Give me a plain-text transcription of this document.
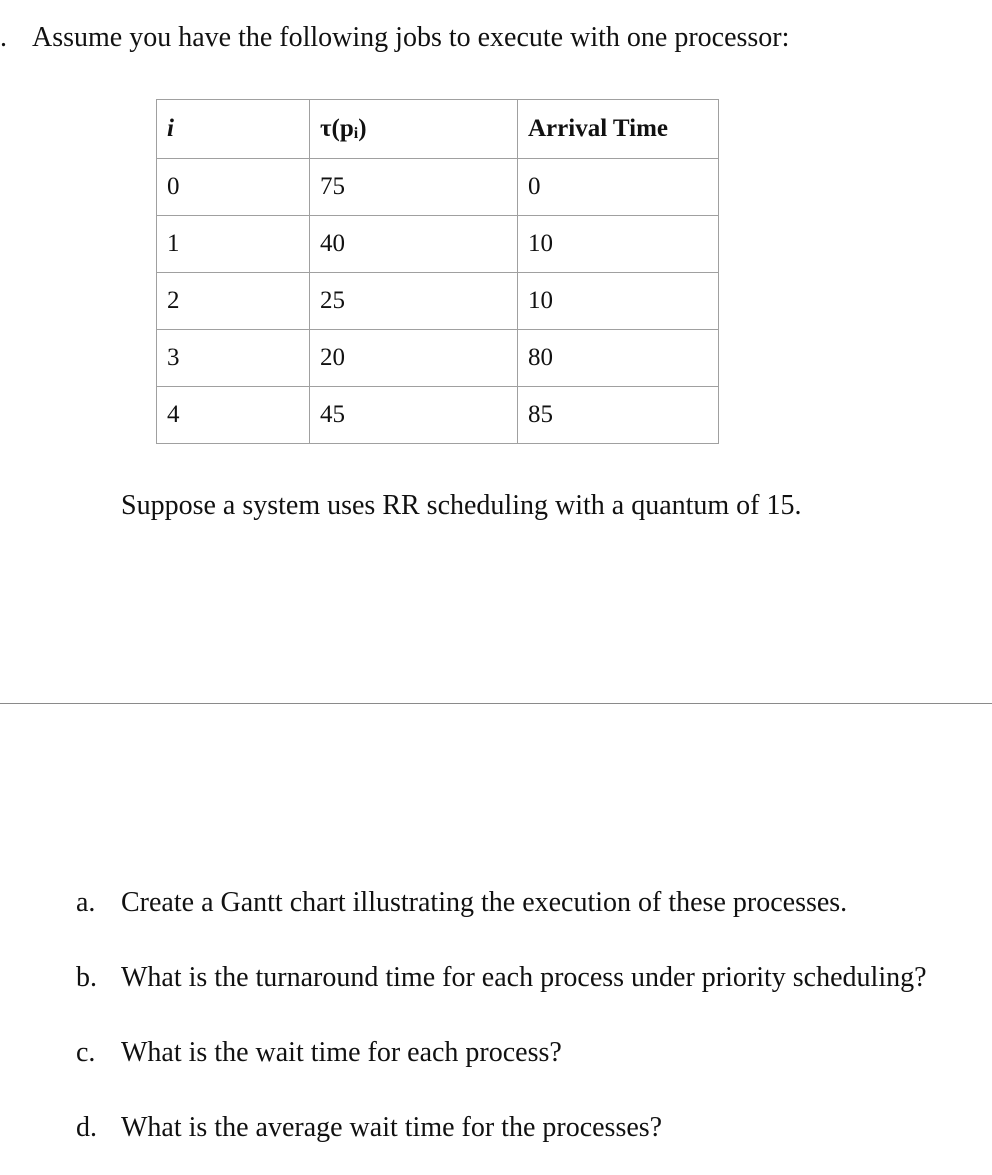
. Assume you have the following jobs to execute with one processor:
i	$\tau(p_i)$	Arrival Time
0	75	0
1	40	10
2	25	10
3	20	80
4	45	85
Suppose a system uses RR scheduling with a quantum of 15.
a. Create a Gantt chart illustrating the execution of these processes.
b. What is the turnaround time for each process under priority scheduling?
c. What is the wait time for each process?
d. What is the average wait time for the processes?
